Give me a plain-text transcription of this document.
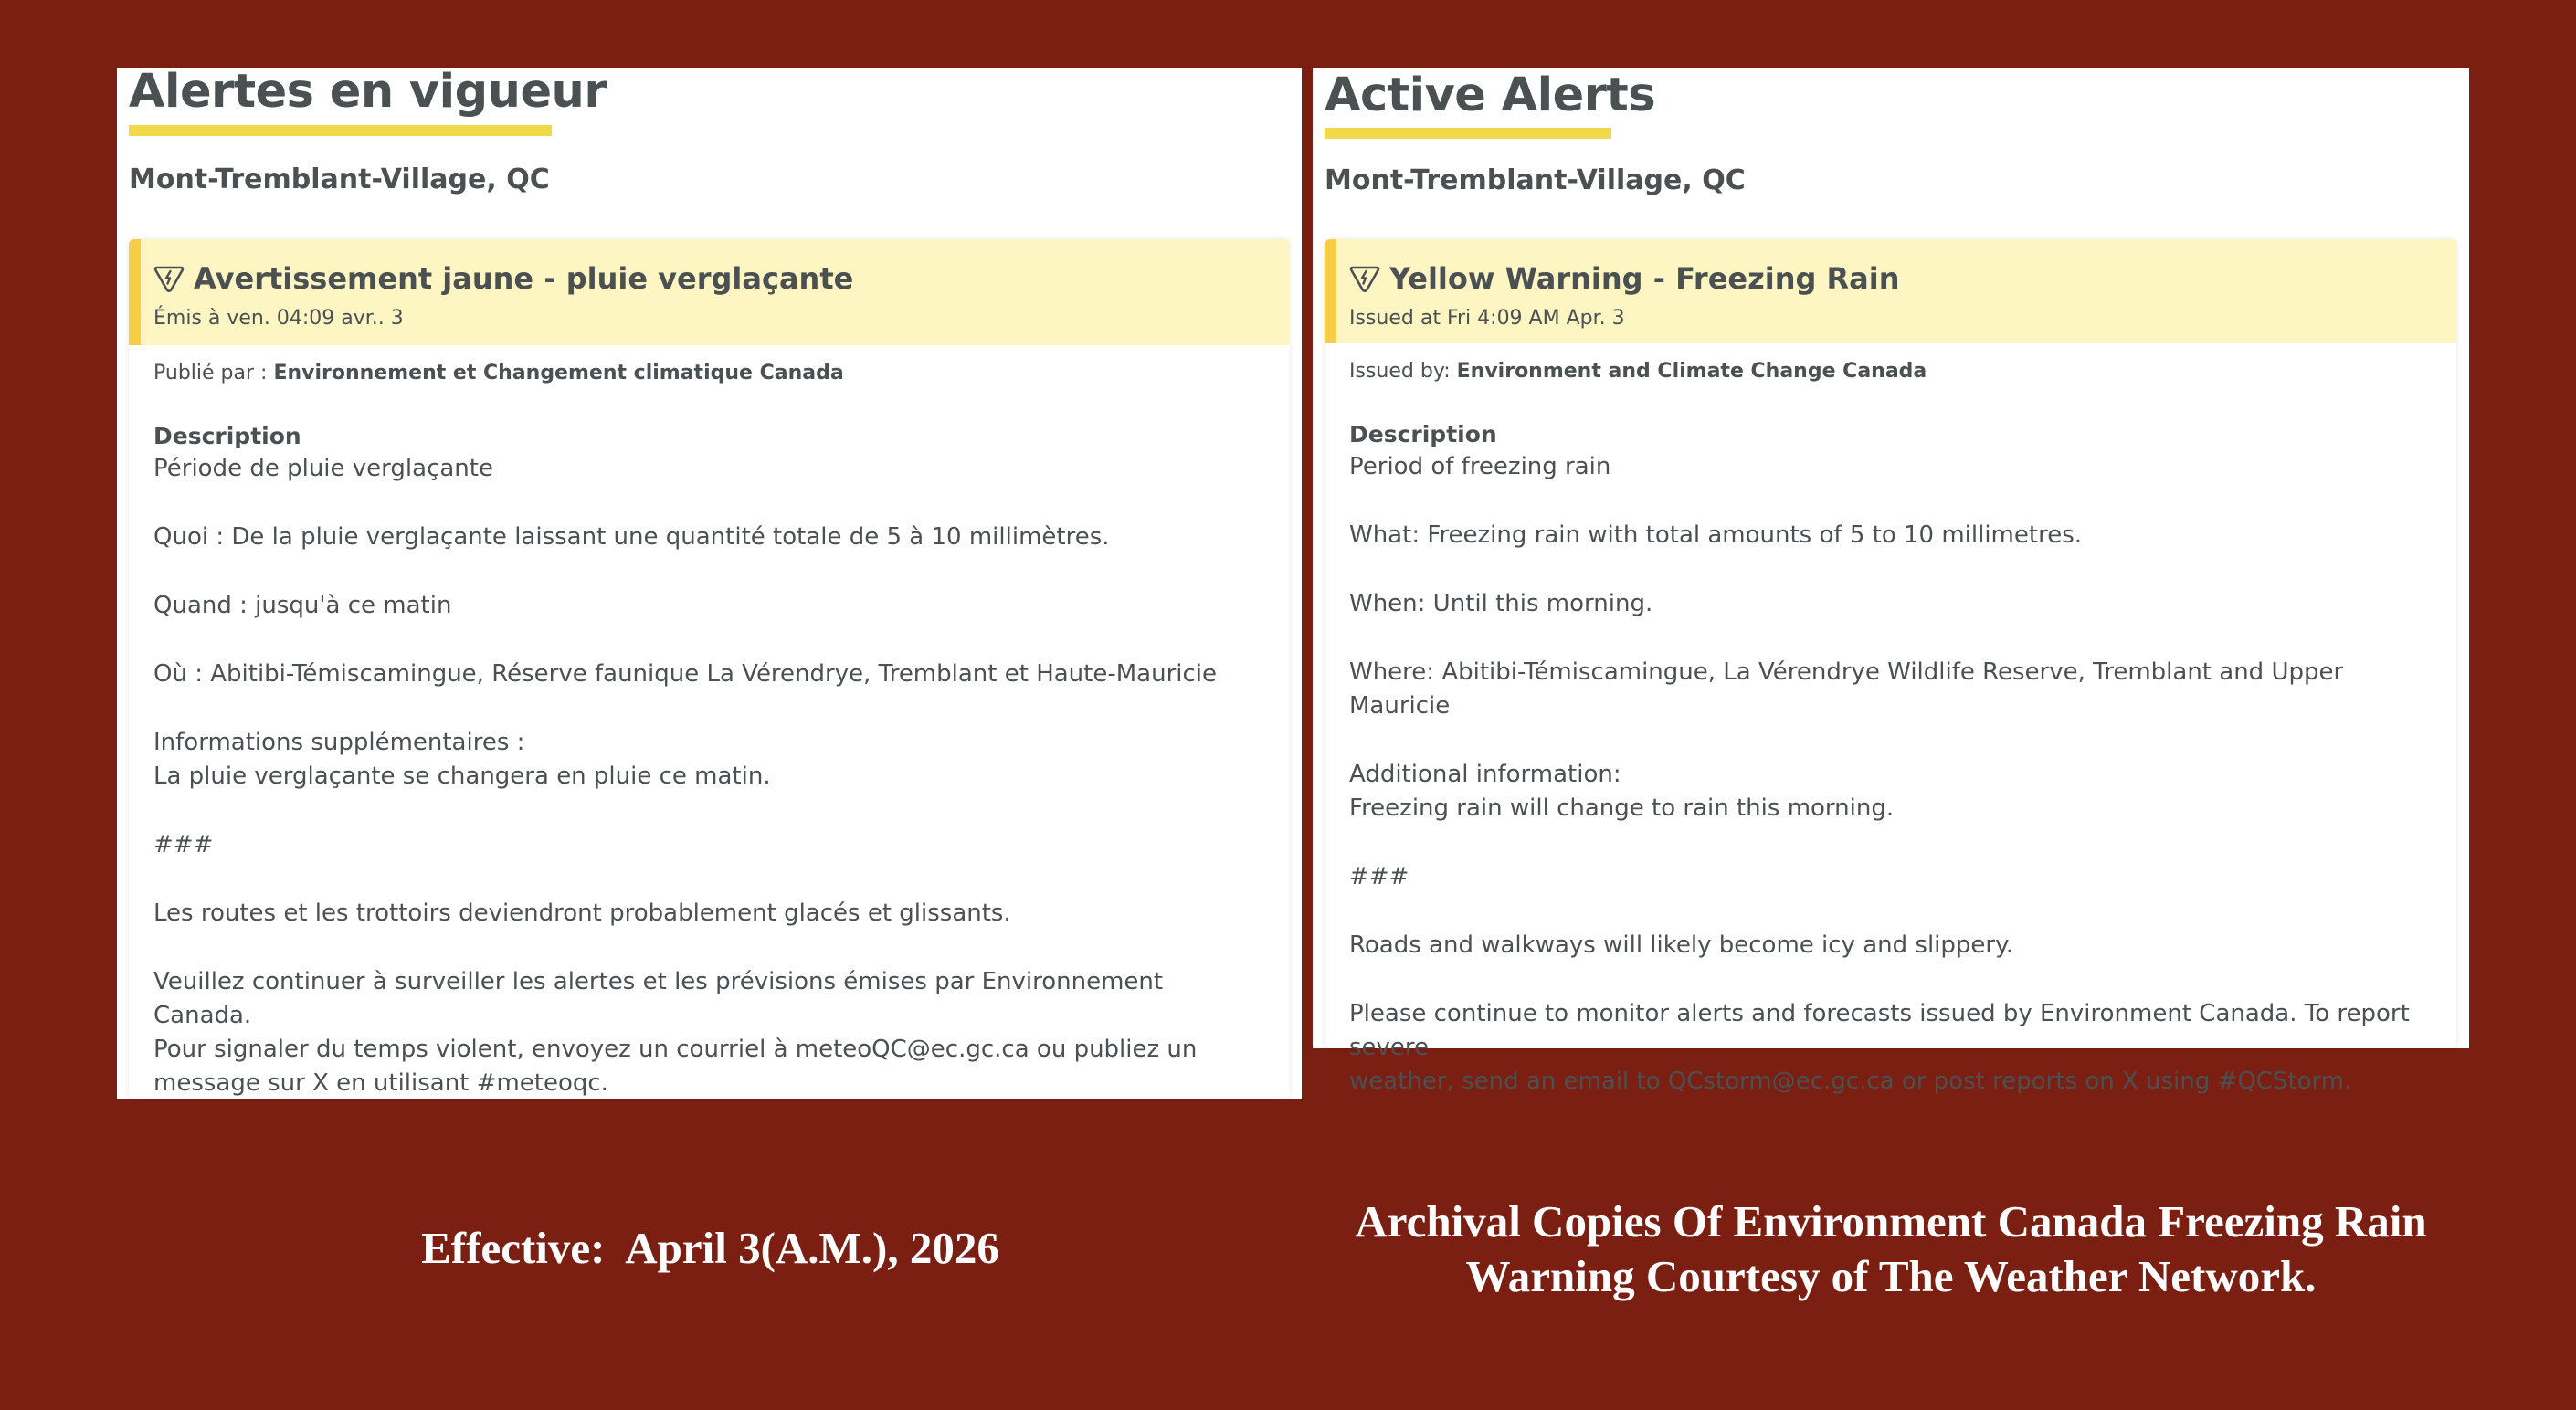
Alertes en vigueur
Mont-Tremblant-Village, QC
Avertissement jaune - pluie verglaçante
Émis à ven. 04:09 avr.. 3
Publié par : Environnement et Changement climatique Canada
Description

Période de pluie verglaçante

Quoi : De la pluie verglaçante laissant une quantité totale de 5 à 10 millimètres.

Quand : jusqu'à ce matin

Où : Abitibi-Témiscamingue, Réserve faunique La Vérendrye, Tremblant et Haute-Mauricie

Informations supplémentaires :
La pluie verglaçante se changera en pluie ce matin.

###

Les routes et les trottoirs deviendront probablement glacés et glissants.

Veuillez continuer à surveiller les alertes et les prévisions émises par Environnement Canada.
Pour signaler du temps violent, envoyez un courriel à meteoQC@ec.gc.ca ou publiez un
message sur X en utilisant #meteoqc.

Active Alerts
Mont-Tremblant-Village, QC
Yellow Warning - Freezing Rain
Issued at Fri 4:09 AM Apr. 3
Issued by: Environment and Climate Change Canada
Description

Period of freezing rain

What: Freezing rain with total amounts of 5 to 10 millimetres.

When: Until this morning.

Where: Abitibi-Témiscamingue, La Vérendrye Wildlife Reserve, Tremblant and Upper Mauricie

Additional information:
Freezing rain will change to rain this morning.

###

Roads and walkways will likely become icy and slippery.

Please continue to monitor alerts and forecasts issued by Environment Canada. To report severe
weather, send an email to QCstorm@ec.gc.ca or post reports on X using #QCStorm.

Effective:  April 3(A.M.), 2026
Archival Copies Of Environment Canada Freezing Rain
Warning Courtesy of The Weather Network.
